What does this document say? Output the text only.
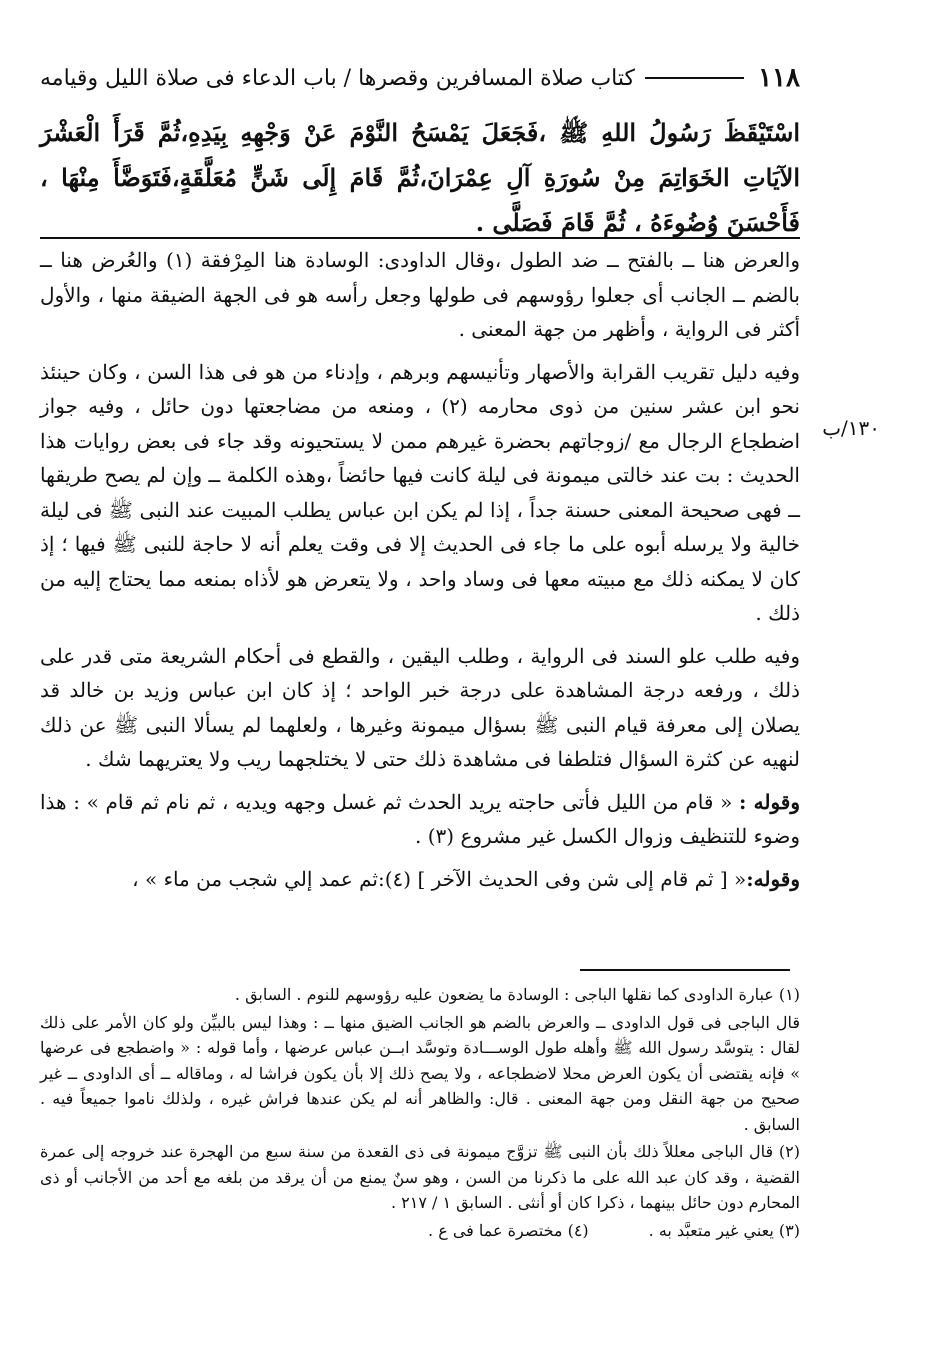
١١٨
كتاب صلاة المسافرين وقصرها / باب الدعاء فى صلاة الليل وقيامه
اسْتَيْقَظَ رَسُولُ اللهِ ﷺ ،فَجَعَلَ يَمْسَحُ النَّوْمَ عَنْ وَجْهِهِ بِيَدِهِ،ثُمَّ قَرَأَ الْعَشْرَ الآيَاتِ الخَوَاتِمَ مِنْ سُورَةِ آلِ عِمْرَانَ،ثُمَّ قَامَ إِلَى شَنٍّ مُعَلَّقَةٍ،فَتَوَضَّأَ مِنْهَا ، فَأَحْسَنَ وُضُوءَهُ ، ثُمَّ قَامَ فَصَلَّى .
١٣٠/ب

والعرض هنا ــ بالفتح ــ ضد الطول ،وقال الداودى: الوسادة هنا المِرْفقة (١) والعُرض هنا ــ بالضم ــ الجانب أى جعلوا رؤوسهم فى طولها وجعل رأسه هو فى الجهة الضيقة منها ، والأول أكثر فى الرواية ، وأظهر من جهة المعنى .

وفيه دليل تقريب القرابة والأصهار وتأنيسهم وبرهم ، وإدناء من هو فى هذا السن ، وكان حينئذ نحو ابن عشر سنين من ذوى محارمه (٢) ، ومنعه من مضاجعتها دون حائل ، وفيه جواز اضطجاع الرجال مع /زوجاتهم بحضرة غيرهم ممن لا يستحيونه وقد جاء فى بعض روايات هذا الحديث : بت عند خالتى ميمونة فى ليلة كانت فيها حائضاً ،وهذه الكلمة ــ وإن لم يصح طريقها ــ فهى صحيحة المعنى حسنة جداً ، إذا لم يكن ابن عباس يطلب المبيت عند النبى ﷺ فى ليلة خالية ولا يرسله أبوه على ما جاء فى الحديث إلا فى وقت يعلم أنه لا حاجة للنبى ﷺ فيها ؛ إذ كان لا يمكنه ذلك مع مبيته معها فى وساد واحد ، ولا يتعرض هو لأذاه بمنعه مما يحتاج إليه من ذلك .

وفيه طلب علو السند فى الرواية ، وطلب اليقين ، والقطع فى أحكام الشريعة متى قدر على ذلك ، ورفعه درجة المشاهدة على درجة خبر الواحد ؛ إذ كان ابن عباس وزيد بن خالد قد يصلان إلى معرفة قيام النبى ﷺ بسؤال ميمونة وغيرها ، ولعلهما لم يسألا النبى ﷺ عن ذلك لنهيه عن كثرة السؤال فتلطفا فى مشاهدة ذلك حتى لا يختلجهما ريب ولا يعتريهما شك .

وقوله : « قام من الليل فأتى حاجته يريد الحدث ثم غسل وجهه ويديه ، ثم نام ثم قام » : هذا وضوء للتنظيف وزوال الكسل غير مشروع (٣) .

وقوله:« [ ثم قام إلى شن وفى الحديث الآخر ] (٤):ثم عمد إلي شجب من ماء » ،

(١) عبارة الداودى كما نقلها الباجى : الوسادة ما يضعون عليه رؤوسهم للنوم . السابق .

قال الباجى فى قول الداودى ــ والعرض بالضم هو الجانب الضيق منها ــ : وهذا ليس بالبيِّن ولو كان الأمر على ذلك لقال : يتوسَّد رسول الله ﷺ وأهله طول الوســـادة وتوسَّد ابــن عباس عرضها ، وأما قوله : « واضطجع فى عرضها » فإنه يقتضى أن يكون العرض محلا لاضطجاعه ، ولا يصح ذلك إلا بأن يكون فراشا له ، وماقاله ــ أى الداودى ــ غير صحيح من جهة النقل ومن جهة المعنى . قال: والظاهر أنه لم يكن عندها فراش غيره ، ولذلك ناموا جميعاً فيه . السابق .

(٢) قال الباجى معللاً ذلك بأن النبى ﷺ تزوَّج ميمونة فى ذى القعدة من سنة سبع من الهجرة عند خروجه إلى عمرة القضية ، وقد كان عبد الله على ما ذكرنا من السن ، وهو سنٌ يمنع من أن يرقد من بلغه مع أحد من الأجانب أو ذى المحارم دون حائل بينهما ، ذكرا كان أو أنثى . السابق ١ / ٢١٧ .

(٣) يعني غير متعبَّد به .
(٤) مختصرة عما فى ع .
